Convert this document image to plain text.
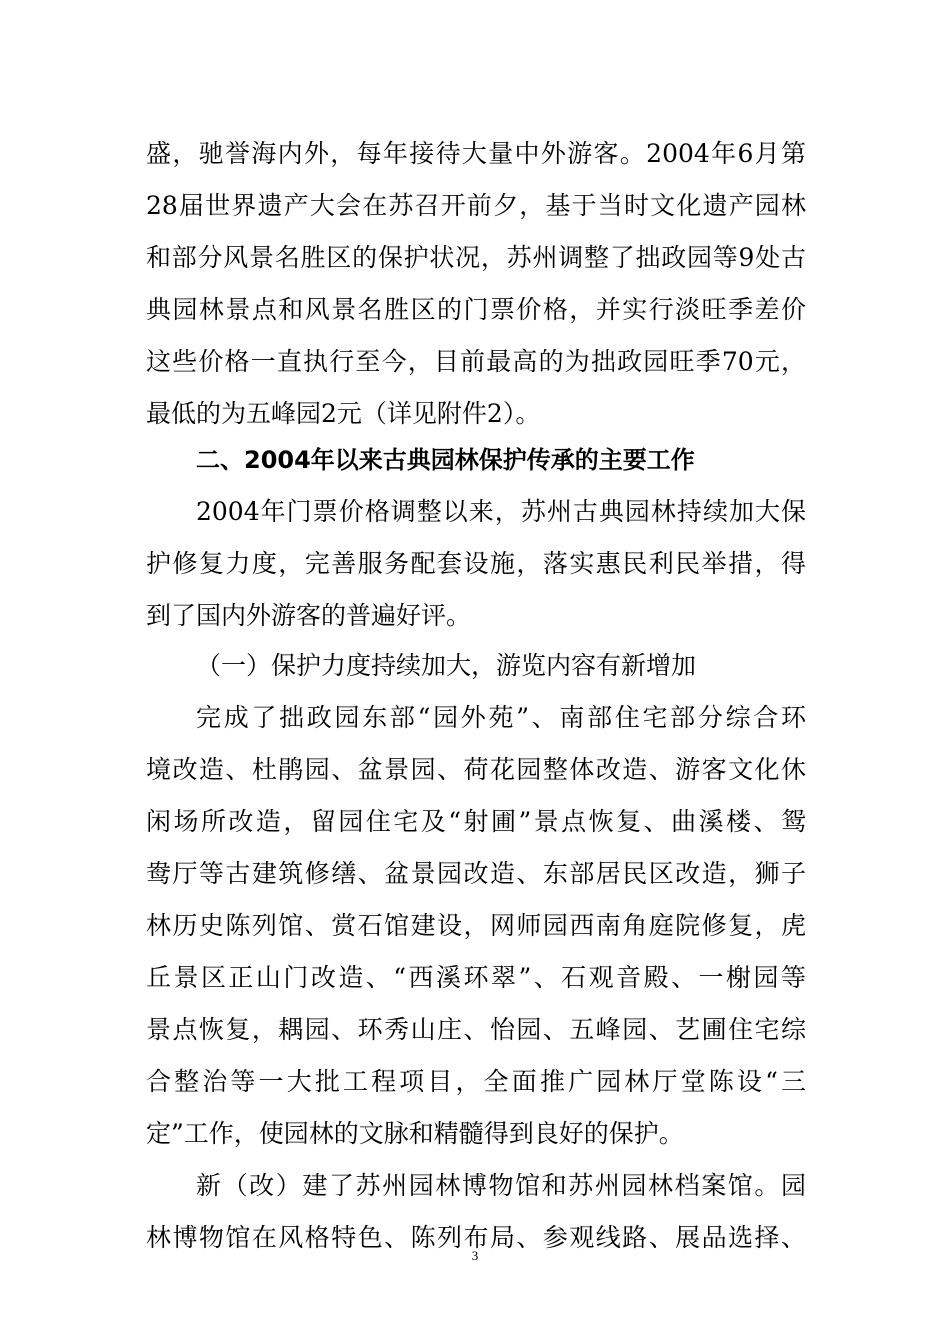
盛，驰誉海内外，每年接待大量中外游客。2004年6月第
28届世界遗产大会在苏召开前夕，基于当时文化遗产园林
和部分风景名胜区的保护状况，苏州调整了拙政园等9处古
典园林景点和风景名胜区的门票价格，并实行淡旺季差价
这些价格一直执行至今，目前最高的为拙政园旺季70元，
最低的为五峰园2元（详见附件2）。
二、2004年以来古典园林保护传承的主要工作
2004年门票价格调整以来，苏州古典园林持续加大保
护修复力度，完善服务配套设施，落实惠民利民举措，得
到了国内外游客的普遍好评。
（一）保护力度持续加大，游览内容有新增加
完成了拙政园东部“园外苑”、南部住宅部分综合环
境改造、杜鹃园、盆景园、荷花园整体改造、游客文化休
闲场所改造，留园住宅及“射圃”景点恢复、曲溪楼、鸳
鸯厅等古建筑修缮、盆景园改造、东部居民区改造，狮子
林历史陈列馆、赏石馆建设，网师园西南角庭院修复，虎
丘景区正山门改造、“西溪环翠”、石观音殿、一榭园等
景点恢复，耦园、环秀山庄、怡园、五峰园、艺圃住宅综
合整治等一大批工程项目，全面推广园林厅堂陈设“三
定”工作，使园林的文脉和精髓得到良好的保护。
新（改）建了苏州园林博物馆和苏州园林档案馆。园
林博物馆在风格特色、陈列布局、参观线路、展品选择、
3
